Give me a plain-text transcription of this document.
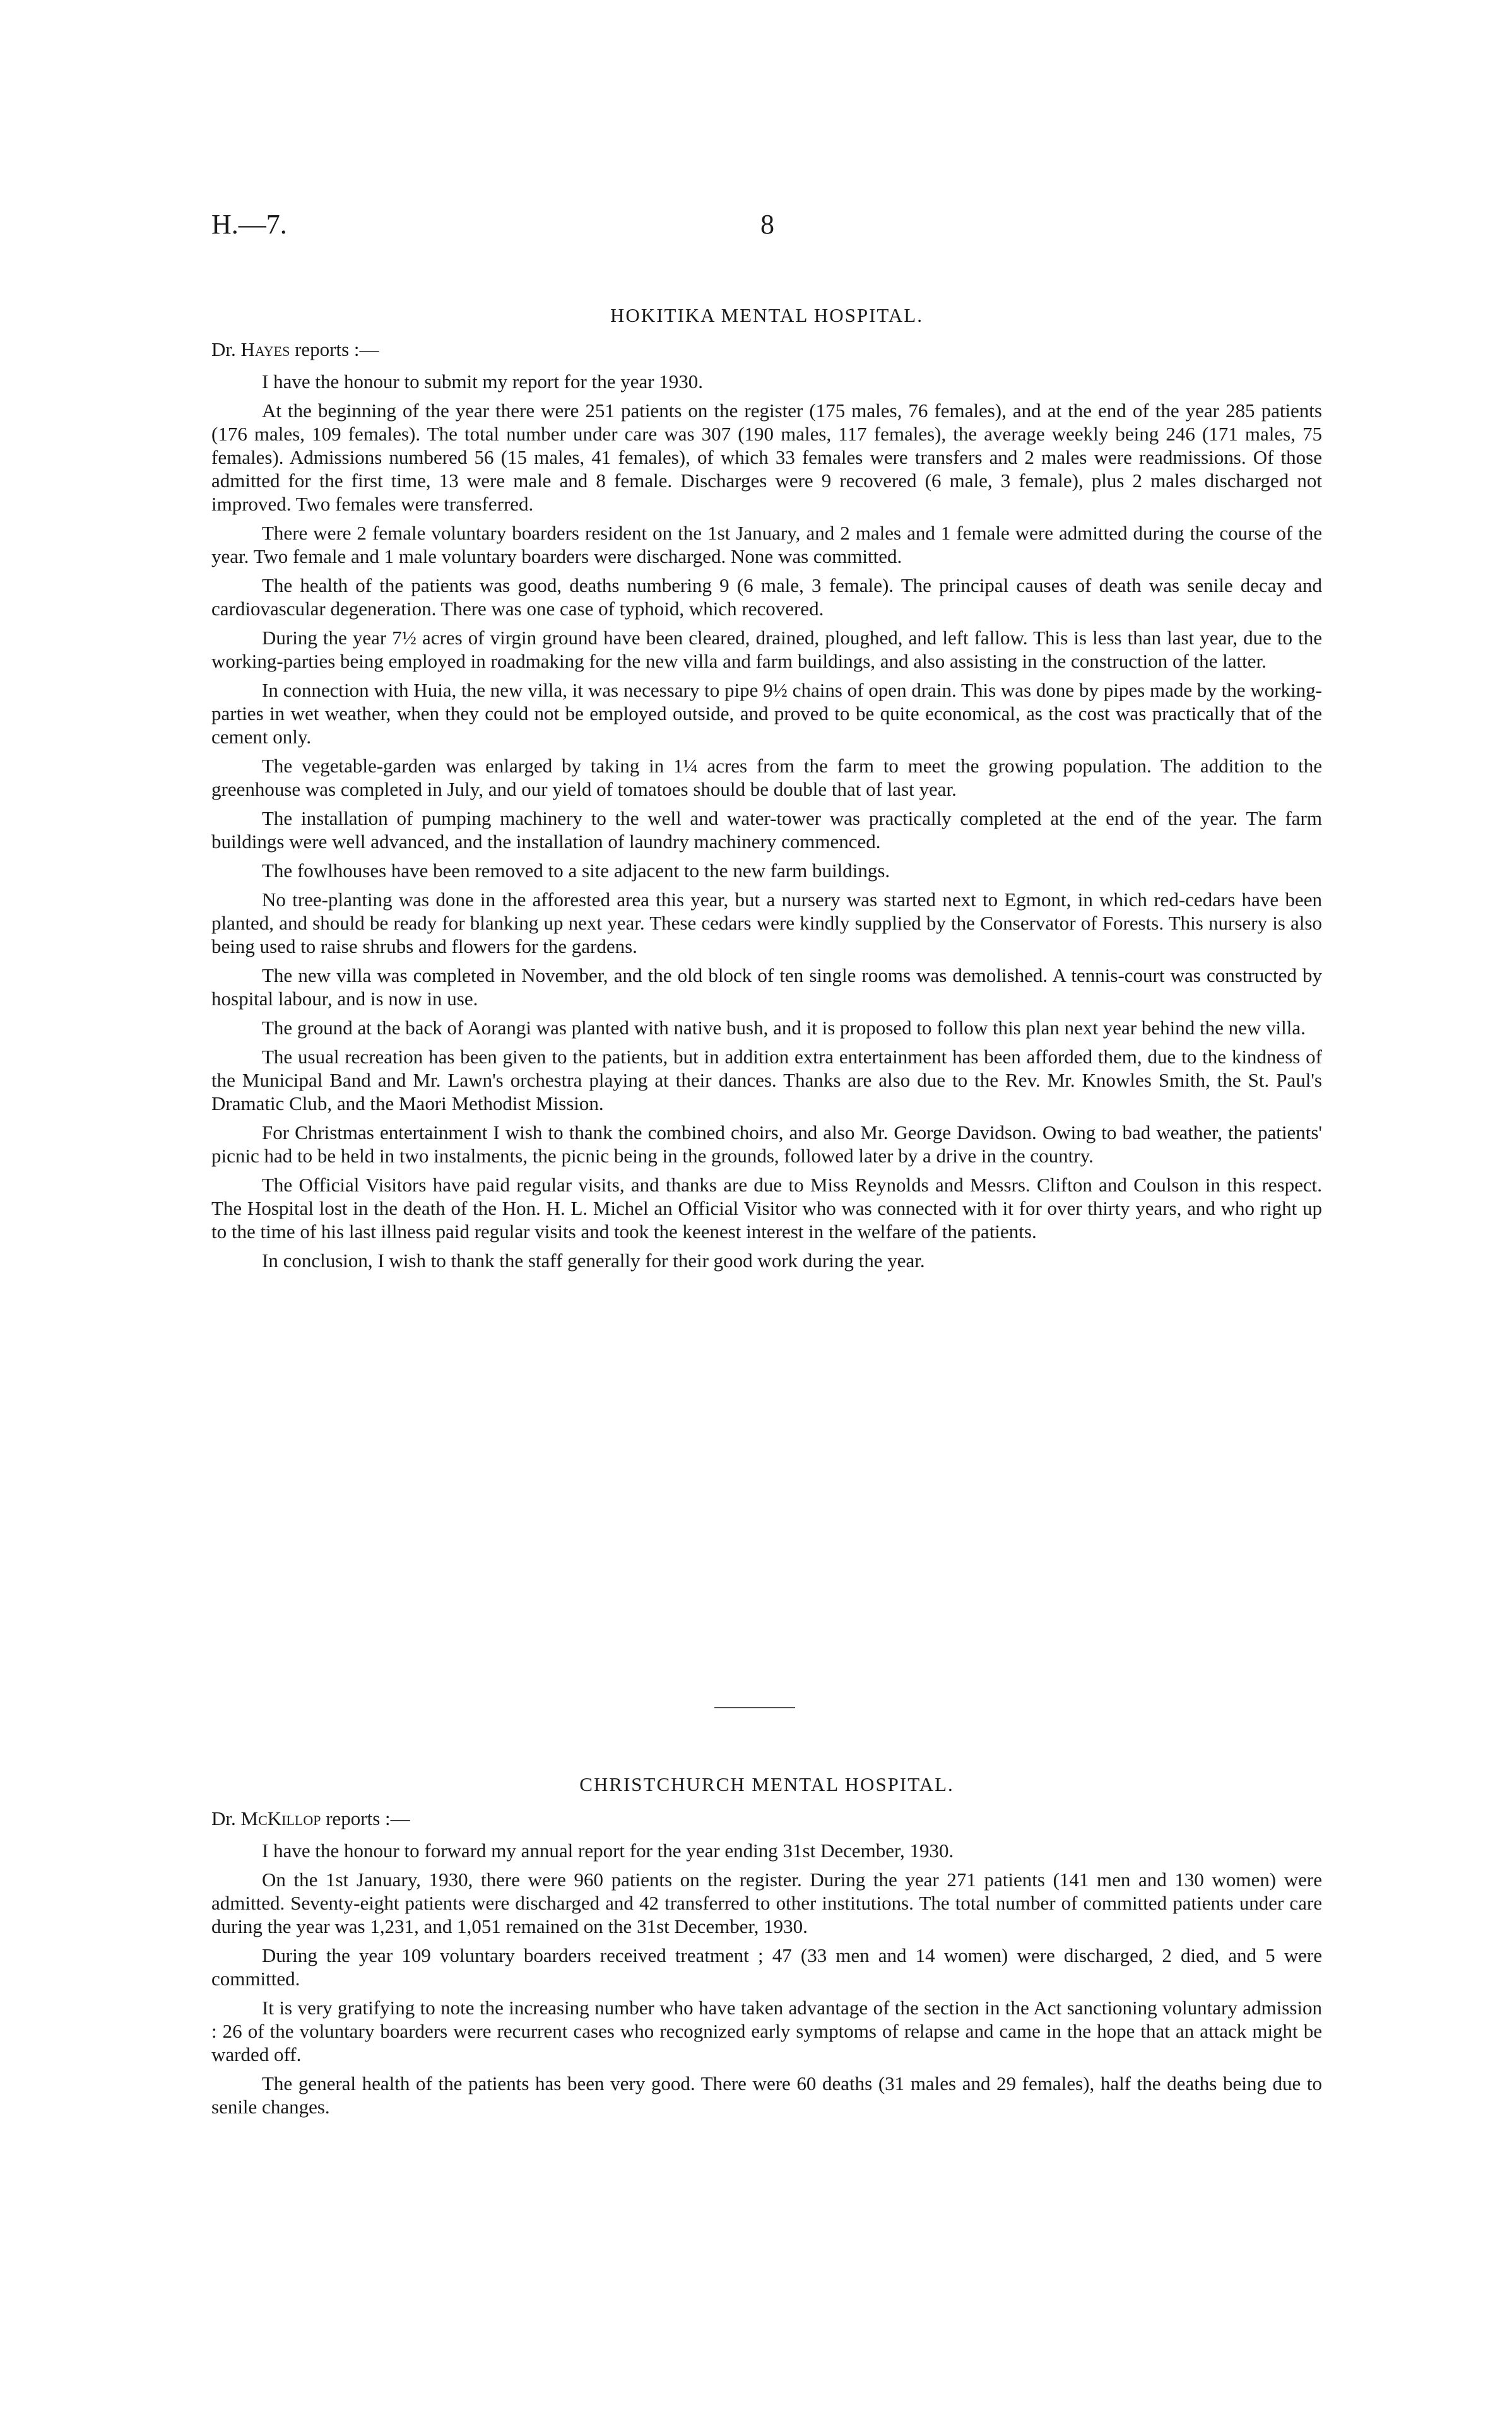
H.—7.	8
HOKITIKA MENTAL HOSPITAL.
Dr. Hayes reports :—

I have the honour to submit my report for the year 1930.

At the beginning of the year there were 251 patients on the register (175 males, 76 females), and at the end of the year 285 patients (176 males, 109 females). The total number under care was 307 (190 males, 117 females), the average weekly being 246 (171 males, 75 females). Admissions numbered 56 (15 males, 41 females), of which 33 females were transfers and 2 males were readmissions. Of those admitted for the first time, 13 were male and 8 female. Discharges were 9 recovered (6 male, 3 female), plus 2 males discharged not improved. Two females were transferred.

There were 2 female voluntary boarders resident on the 1st January, and 2 males and 1 female were admitted during the course of the year. Two female and 1 male voluntary boarders were discharged. None was committed.

The health of the patients was good, deaths numbering 9 (6 male, 3 female). The principal causes of death was senile decay and cardiovascular degeneration. There was one case of typhoid, which recovered.

During the year 7½ acres of virgin ground have been cleared, drained, ploughed, and left fallow. This is less than last year, due to the working-parties being employed in roadmaking for the new villa and farm buildings, and also assisting in the construction of the latter.

In connection with Huia, the new villa, it was necessary to pipe 9½ chains of open drain. This was done by pipes made by the working-parties in wet weather, when they could not be employed outside, and proved to be quite economical, as the cost was practically that of the cement only.

The vegetable-garden was enlarged by taking in 1¼ acres from the farm to meet the growing population. The addition to the greenhouse was completed in July, and our yield of tomatoes should be double that of last year.

The installation of pumping machinery to the well and water-tower was practically completed at the end of the year. The farm buildings were well advanced, and the installation of laundry machinery commenced.

The fowlhouses have been removed to a site adjacent to the new farm buildings.

No tree-planting was done in the afforested area this year, but a nursery was started next to Egmont, in which red-cedars have been planted, and should be ready for blanking up next year. These cedars were kindly supplied by the Conservator of Forests. This nursery is also being used to raise shrubs and flowers for the gardens.

The new villa was completed in November, and the old block of ten single rooms was demolished. A tennis-court was constructed by hospital labour, and is now in use.

The ground at the back of Aorangi was planted with native bush, and it is proposed to follow this plan next year behind the new villa.

The usual recreation has been given to the patients, but in addition extra entertainment has been afforded them, due to the kindness of the Municipal Band and Mr. Lawn's orchestra playing at their dances. Thanks are also due to the Rev. Mr. Knowles Smith, the St. Paul's Dramatic Club, and the Maori Methodist Mission.

For Christmas entertainment I wish to thank the combined choirs, and also Mr. George Davidson. Owing to bad weather, the patients' picnic had to be held in two instalments, the picnic being in the grounds, followed later by a drive in the country.

The Official Visitors have paid regular visits, and thanks are due to Miss Reynolds and Messrs. Clifton and Coulson in this respect. The Hospital lost in the death of the Hon. H. L. Michel an Official Visitor who was connected with it for over thirty years, and who right up to the time of his last illness paid regular visits and took the keenest interest in the welfare of the patients.

In conclusion, I wish to thank the staff generally for their good work during the year.

CHRISTCHURCH MENTAL HOSPITAL.
Dr. McKillop reports :—

I have the honour to forward my annual report for the year ending 31st December, 1930.

On the 1st January, 1930, there were 960 patients on the register. During the year 271 patients (141 men and 130 women) were admitted. Seventy-eight patients were discharged and 42 transferred to other institutions. The total number of committed patients under care during the year was 1,231, and 1,051 remained on the 31st December, 1930.

During the year 109 voluntary boarders received treatment ; 47 (33 men and 14 women) were discharged, 2 died, and 5 were committed.

It is very gratifying to note the increasing number who have taken advantage of the section in the Act sanctioning voluntary admission : 26 of the voluntary boarders were recurrent cases who recognized early symptoms of relapse and came in the hope that an attack might be warded off.

The general health of the patients has been very good. There were 60 deaths (31 males and 29 females), half the deaths being due to senile changes.
